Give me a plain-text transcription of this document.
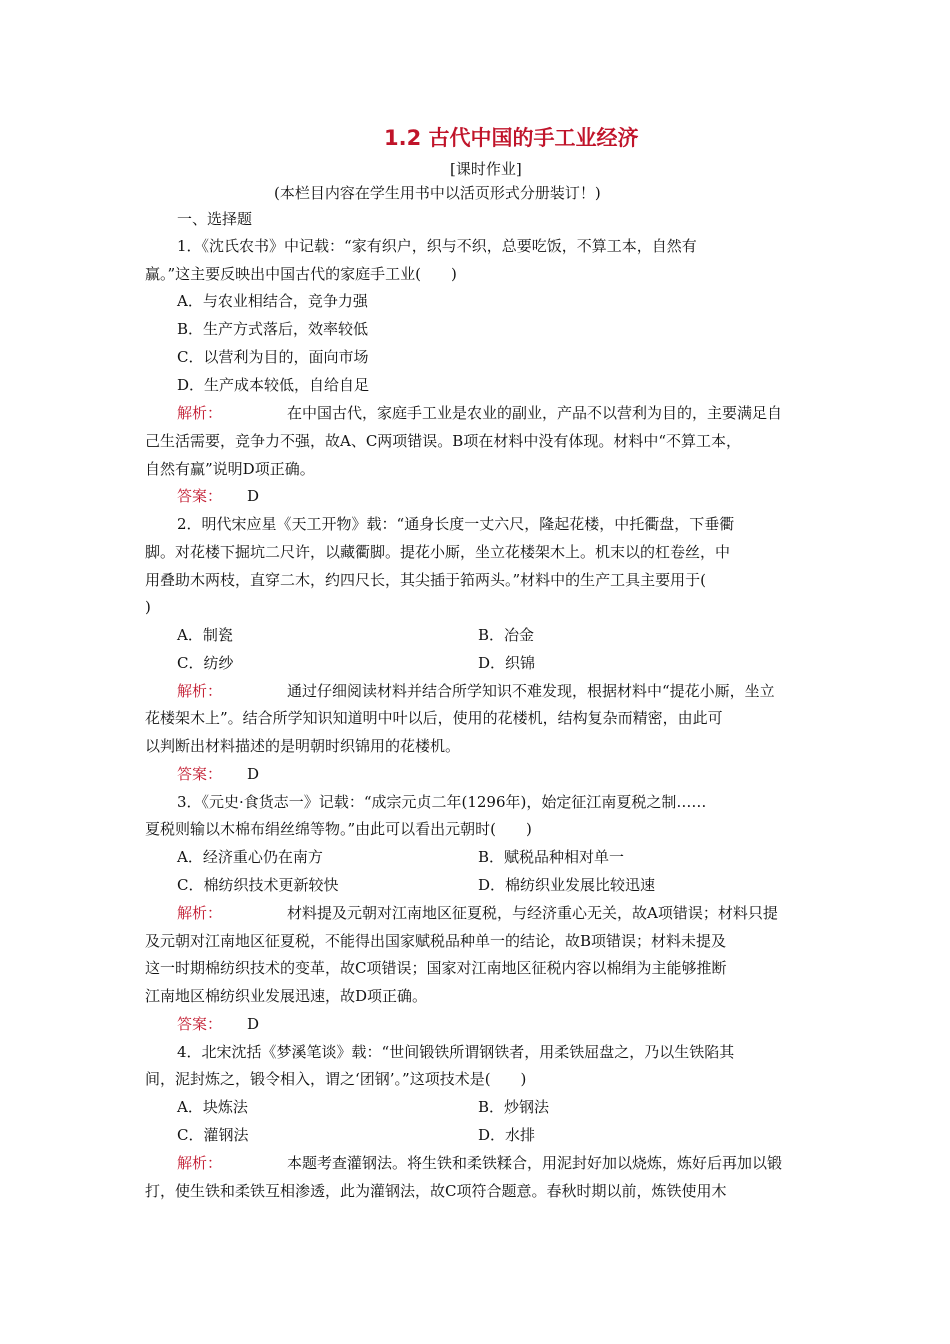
1.2 古代中国的手工业经济
[课时作业]
(本栏目内容在学生用书中以活页形式分册装订！)
一、选择题
1．《沈氏农书》中记载：“家有织户，织与不织，总要吃饭，不算工本，自然有
赢。”这主要反映出中国古代的家庭手工业(　　)
A．与农业相结合，竞争力强
B．生产方式落后，效率较低
C．以营利为目的，面向市场
D．生产成本较低，自给自足
解析：	在中国古代，家庭手工业是农业的副业，产品不以营利为目的，主要满足自
己生活需要，竞争力不强，故A、C两项错误。B项在材料中没有体现。材料中“不算工本，
自然有赢”说明D项正确。
答案： D
2．明代宋应星《天工开物》载：“通身长度一丈六尺，隆起花楼，中托衢盘，下垂衢
脚。对花楼下掘坑二尺许，以藏衢脚。提花小厮，坐立花楼架木上。机末以的杠卷丝，中
用叠助木两枝，直穿二木，约四尺长，其尖插于筘两头。”材料中的生产工具主要用于(
)
A．制瓷	B．冶金
C．纺纱	D．织锦
解析：	通过仔细阅读材料并结合所学知识不难发现，根据材料中“提花小厮，坐立
花楼架木上”。结合所学知识知道明中叶以后，使用的花楼机，结构复杂而精密，由此可
以判断出材料描述的是明朝时织锦用的花楼机。
答案： D
3．《元史·食货志一》记载：“成宗元贞二年(1296年)，始定征江南夏税之制……
夏税则输以木棉布绢丝绵等物。”由此可以看出元朝时(　　)
A．经济重心仍在南方	B．赋税品种相对单一
C．棉纺织技术更新较快	D．棉纺织业发展比较迅速
解析：	材料提及元朝对江南地区征夏税，与经济重心无关，故A项错误；材料只提
及元朝对江南地区征夏税，不能得出国家赋税品种单一的结论，故B项错误；材料未提及
这一时期棉纺织技术的变革，故C项错误；国家对江南地区征税内容以棉绢为主能够推断
江南地区棉纺织业发展迅速，故D项正确。
答案： D
4．北宋沈括《梦溪笔谈》载：“世间锻铁所谓钢铁者，用柔铁屈盘之，乃以生铁陷其
间，泥封炼之，锻令相入，谓之‘团钢’。”这项技术是(　　)
A．块炼法	B．炒钢法
C．灌钢法	D．水排
解析：	本题考查灌钢法。将生铁和柔铁糅合，用泥封好加以烧炼，炼好后再加以锻
打，使生铁和柔铁互相渗透，此为灌钢法，故C项符合题意。春秋时期以前，炼铁使用木
